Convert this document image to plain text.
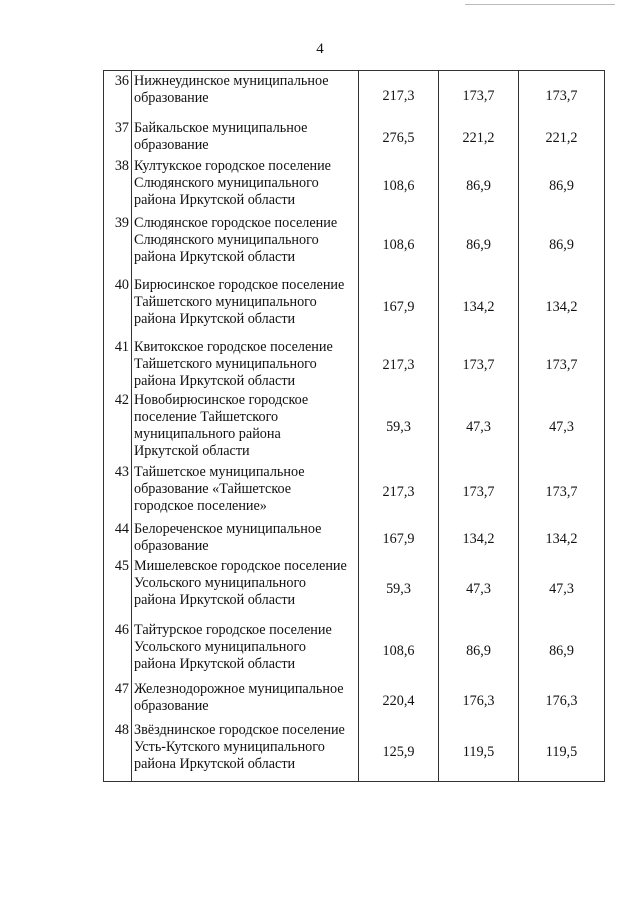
4
36	Нижнеудинское муниципальное
образование	217,3	173,7	173,7
37	Байкальское муниципальное
образование	276,5	221,2	221,2
38	Култукское городское поселение
Слюдянского муниципального
района Иркутской области	108,6	86,9	86,9
39	Слюдянское городское поселение
Слюдянского муниципального
района Иркутской области	108,6	86,9	86,9
40	Бирюсинское городское поселение
Тайшетского муниципального
района Иркутской области	167,9	134,2	134,2
41	Квитокское городское поселение
Тайшетского муниципального
района Иркутской области	217,3	173,7	173,7
42	Новобирюсинское городское
поселение Тайшетского
муниципального района
Иркутской области	59,3	47,3	47,3
43	Тайшетское муниципальное
образование «Тайшетское
городское поселение»	217,3	173,7	173,7
44	Белореченское муниципальное
образование	167,9	134,2	134,2
45	Мишелевское городское поселение
Усольского муниципального
района Иркутской области	59,3	47,3	47,3
46	Тайтурское городское поселение
Усольского муниципального
района Иркутской области	108,6	86,9	86,9
47	Железнодорожное муниципальное
образование	220,4	176,3	176,3
48	Звёзднинское городское поселение
Усть-Кутского муниципального
района Иркутской области	125,9	119,5	119,5
